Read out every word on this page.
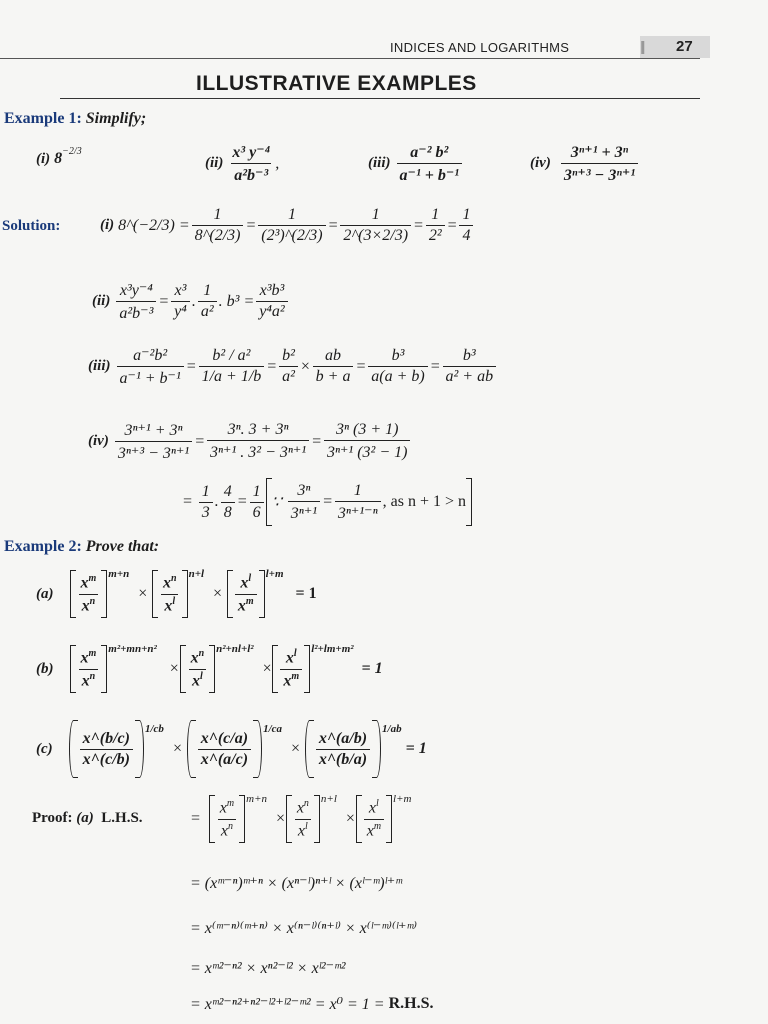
||||
INDICES AND LOGARITHMS	27
ILLUSTRATIVE EXAMPLES
Example 1: Simplify;
(i)
$8^{-2/3}$
(ii)
$\frac{\text{x³ y⁻⁴}}{\text{a²b⁻³}}$ ,	(iii)
$\frac{\text{a⁻² b²}}{\text{a⁻¹ + b⁻¹}}$	(iv)
$\frac{\text{3ⁿ⁺¹ + 3ⁿ}}{\text{3ⁿ⁺³ − 3ⁿ⁺¹}}$
Solution:	(i)
8^(−2/3) = $\frac{1}{8\^{}(2/3)} = \frac{1}{\text{(2³)\textasciicircum{}(2/3)}} = \frac{1}{2\^{}(3\times 2/3)} = \frac{1}{\text{2²}} = \frac{1}{4}$
(ii)
$\frac{\text{x³y⁻⁴}}{\text{a²b⁻³}} = \frac{\text{x³}}{\text{y⁴}}$ . $\frac{1}{\text{a²}}$ . $b^3 = \frac{\text{x³b³}}{\text{y⁴a²}}$
(iii)
$\frac{\text{a⁻²b²}}{\text{a⁻¹ + b⁻¹}} = \frac{\text{b² / a²}}{1/a + 1/b} = \frac{\text{b²}}{\text{a²}} \times \frac{ab}{b + a} = \frac{\text{b³}}{a(a + b)} = \frac{\text{b³}}{\text{a² + ab}}$
(iv)
$\frac{\text{3ⁿ⁺¹ + 3ⁿ}}{\text{3ⁿ⁺³ − 3ⁿ⁺¹}} = \frac{\text{3ⁿ. 3 + 3ⁿ}}{\text{3ⁿ⁺¹ . 3² − 3ⁿ⁺¹}} = \frac{\text{3ⁿ (3 + 1)}}{\text{3ⁿ⁺¹ (3² − 1)}}$
= $\frac{1}{3}$ . $\frac{4}{8} = \frac{1}{6}$ ∵
$\frac{\text{3ⁿ}}{\text{3ⁿ⁺¹}} = \frac{1}{\text{3ⁿ⁺¹⁻ⁿ}}$ , as n + 1 > n
Example 2: Prove that:
(a)
$\frac{x^m}{x^n} m+n$
× $\frac{x^n}{x^l} n+l$
× $\frac{x^l}{x^m} l+m$

= 1
(b)
$\frac{x^m}{x^n} m^2+mn+n^2$
× $\frac{x^n}{x^l} n^2+nl+l^2$
× $\frac{x^l}{x^m} l^2+lm+m^2$

= 1
(c)
$\frac{x\^{}(b/c)}{x\^{}(c/b)}$
1/cb
× $\frac{x\^{}(c/a)}{x\^{}(a/c)}$
1/ca
× $\frac{x\^{}(a/b)}{x\^{}(b/a)}$
1/ab

= 1
Proof:
(a)
L.H.S.	= $\frac{x^m}{x^n} m+n$
× $\frac{x^n}{x^l} n+l$
× $\frac{x^l}{x^m} l+m$
= (xᵐ⁻ⁿ)ᵐ⁺ⁿ × (xⁿ⁻ˡ)ⁿ⁺ˡ × (xˡ⁻ᵐ)ˡ⁺ᵐ
= x⁽ᵐ⁻ⁿ⁾⁽ᵐ⁺ⁿ⁾ × x⁽ⁿ⁻ˡ⁾⁽ⁿ⁺ˡ⁾ × x⁽ˡ⁻ᵐ⁾⁽ˡ⁺ᵐ⁾
= xᵐ²⁻ⁿ² × xⁿ²⁻ˡ² × xˡ²⁻ᵐ²
= xᵐ²⁻ⁿ²⁺ⁿ²⁻ˡ²⁺ˡ²⁻ᵐ² = x⁰ = 1 =
R.H.S.
